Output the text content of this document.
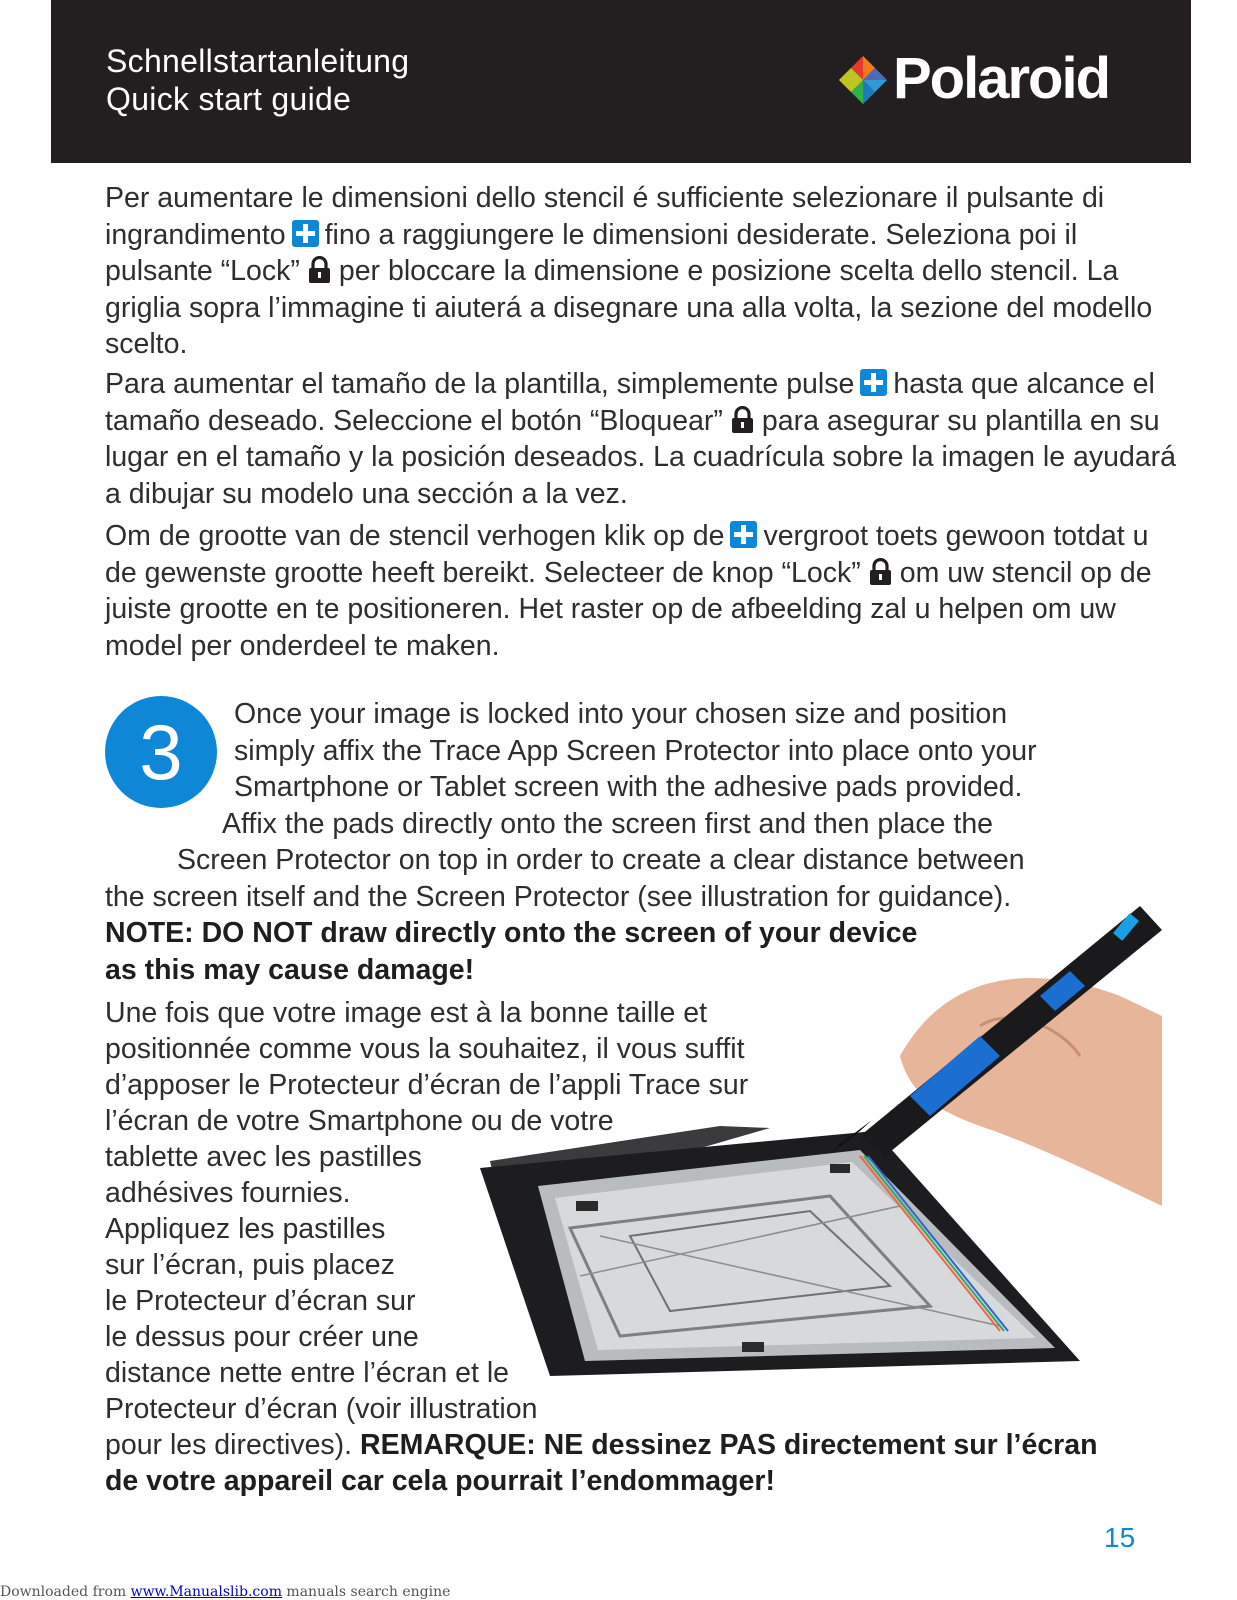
Schnellstartanleitung
Quick start guide	Polaroid

Per aumentare le dimensioni dello stencil é sufficiente selezionare il pulsante di ingrandimento fino a raggiungere le dimensioni desiderate. Seleziona poi il pulsante “Lock” per bloccare la dimensione e posizione scelta dello stencil. La griglia sopra l’immagine ti aiuterá a disegnare una alla volta, la sezione del modello scelto.

Para aumentar el tamaño de la plantilla, simplemente pulse hasta que alcance el tamaño deseado. Seleccione el botón “Bloquear” para asegurar su plantilla en su lugar en el tamaño y la posición deseados. La cuadrícula sobre la imagen le ayudará a dibujar su modelo una sección a la vez.

Om de grootte van de stencil verhogen klik op de vergroot toets gewoon totdat u de gewenste grootte heeft bereikt. Selecteer de knop “Lock” om uw stencil op de juiste grootte en te positioneren. Het raster op de afbeelding zal u helpen om uw model per onderdeel te maken.

3	Once your image is locked into your chosen size and position
simply affix the Trace App Screen Protector into place onto your
Smartphone or Tablet screen with the adhesive pads provided.
Affix the pads directly onto the screen first and then place the
Screen Protector on top in order to create a clear distance between
the screen itself and the Screen Protector (see illustration for guidance).
NOTE: DO NOT draw directly onto the screen of your device
as this may cause damage!
Une fois que votre image est à la bonne taille et
positionnée comme vous la souhaitez, il vous suffit
d’apposer le Protecteur d’écran de l’appli Trace sur
l’écran de votre Smartphone ou de votre
tablette avec les pastilles
adhésives fournies.
Appliquez les pastilles
sur l’écran, puis placez
le Protecteur d’écran sur
le dessus pour créer une
distance nette entre l’écran et le
Protecteur d’écran (voir illustration
pour les directives). REMARQUE: NE dessinez PAS directement sur l’écran
de votre appareil car cela pourrait l’endommager!
15
Downloaded from www.Manualslib.com manuals search engine
